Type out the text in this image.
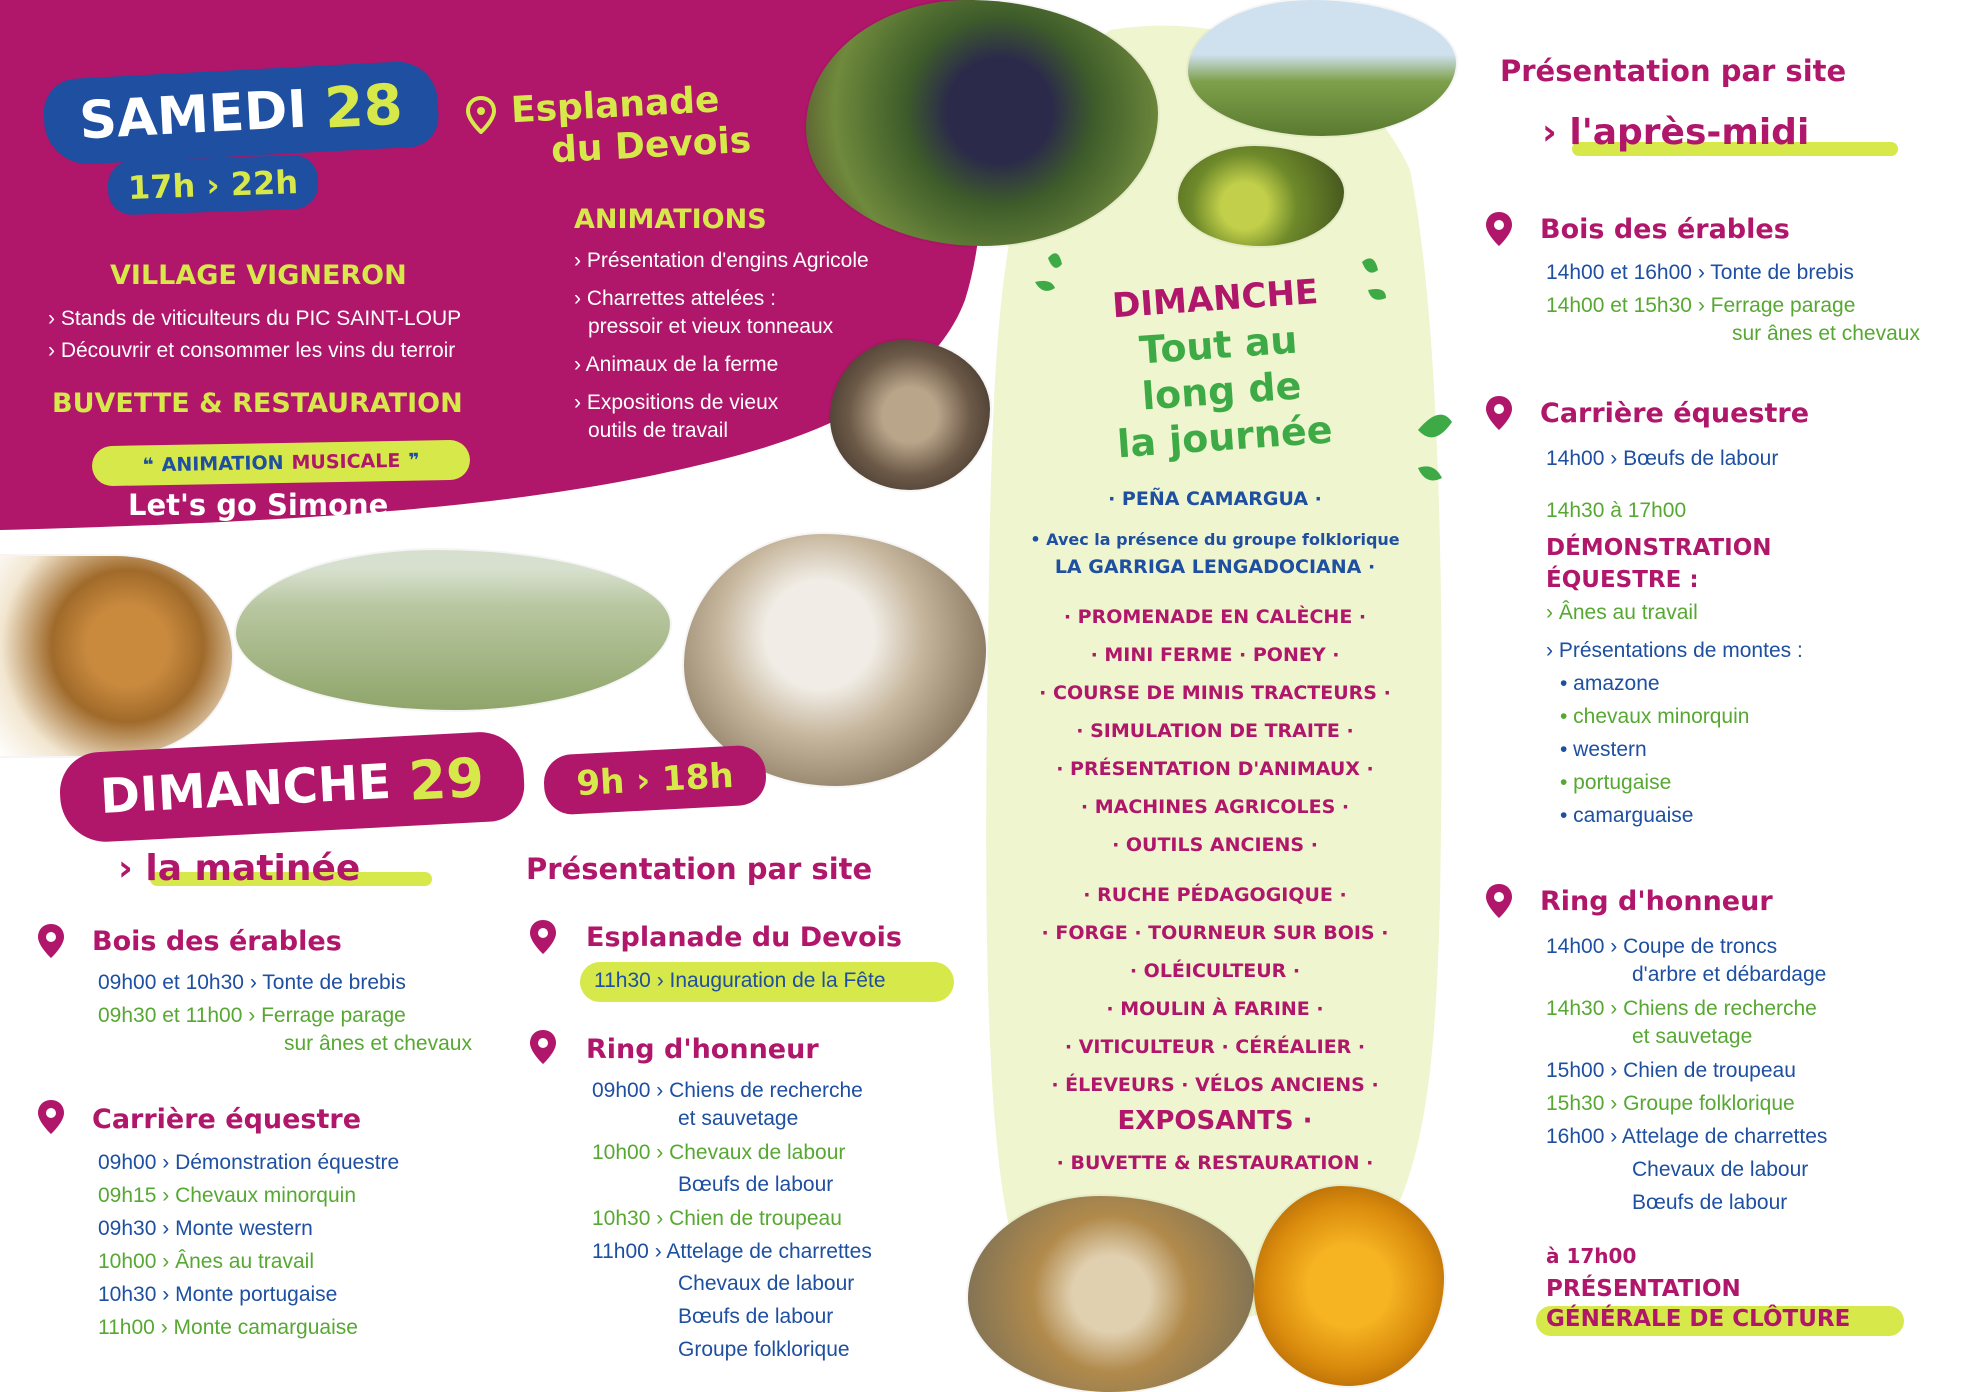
SAMEDI 28
17h › 22h
Esplanade
du Devois
VILLAGE VIGNERON
› Stands de viticulteurs du PIC SAINT-LOUP
› Découvrir et consommer les vins du terroir
BUVETTE & RESTAURATION
❝ ANIMATION MUSICALE ❞
Let's go Simone
ANIMATIONS
› Présentation d'engins Agricole
› Charrettes attelées :
pressoir et vieux tonneaux
› Animaux de la ferme
› Expositions de vieux
outils de travail
DIMANCHE
Tout au
long de
la journée
· PEÑA CAMARGUA ·
• Avec la présence du groupe folklorique
LA GARRIGA LENGADOCIANA ·
· PROMENADE EN CALÈCHE ·
· MINI FERME · PONEY ·
· COURSE DE MINIS TRACTEURS ·
· SIMULATION DE TRAITE ·
· PRÉSENTATION D'ANIMAUX ·
· MACHINES AGRICOLES ·
· OUTILS ANCIENS ·
· RUCHE PÉDAGOGIQUE ·
· FORGE · TOURNEUR SUR BOIS ·
· OLÉICULTEUR ·
· MOULIN À FARINE ·
· VITICULTEUR · CÉRÉALIER ·
· ÉLEVEURS · VÉLOS ANCIENS ·
EXPOSANTS ·
· BUVETTE & RESTAURATION ·
DIMANCHE 29	9h › 18h
› la matinée
Bois des érables
09h00 et 10h30 › Tonte de brebis
09h30 et 11h00 › Ferrage parage
sur ânes et chevaux
Carrière équestre
09h00 › Démonstration équestre
09h15 › Chevaux minorquin
09h30 › Monte western
10h00 › Ânes au travail
10h30 › Monte portugaise
11h00 › Monte camarguaise
Présentation par site
Esplanade du Devois
11h30 › Inauguration de la Fête
Ring d'honneur
09h00 › Chiens de recherche
et sauvetage
10h00 › Chevaux de labour
Bœufs de labour
10h30 › Chien de troupeau
11h00 › Attelage de charrettes
Chevaux de labour
Bœufs de labour
Groupe folklorique
Présentation par site
› l'après-midi
Bois des érables
14h00 et 16h00 › Tonte de brebis
14h00 et 15h30 › Ferrage parage
sur ânes et chevaux
Carrière équestre
14h00 › Bœufs de labour
14h30 à 17h00
DÉMONSTRATION
ÉQUESTRE :
› Ânes au travail
› Présentations de montes :
• amazone
• chevaux minorquin
• western
• portugaise
• camarguaise
Ring d'honneur
14h00 › Coupe de troncs
d'arbre et débardage
14h30 › Chiens de recherche
et sauvetage
15h00 › Chien de troupeau
15h30 › Groupe folklorique
16h00 › Attelage de charrettes
Chevaux de labour
Bœufs de labour
à 17h00
PRÉSENTATION
GÉNÉRALE DE CLÔTURE
